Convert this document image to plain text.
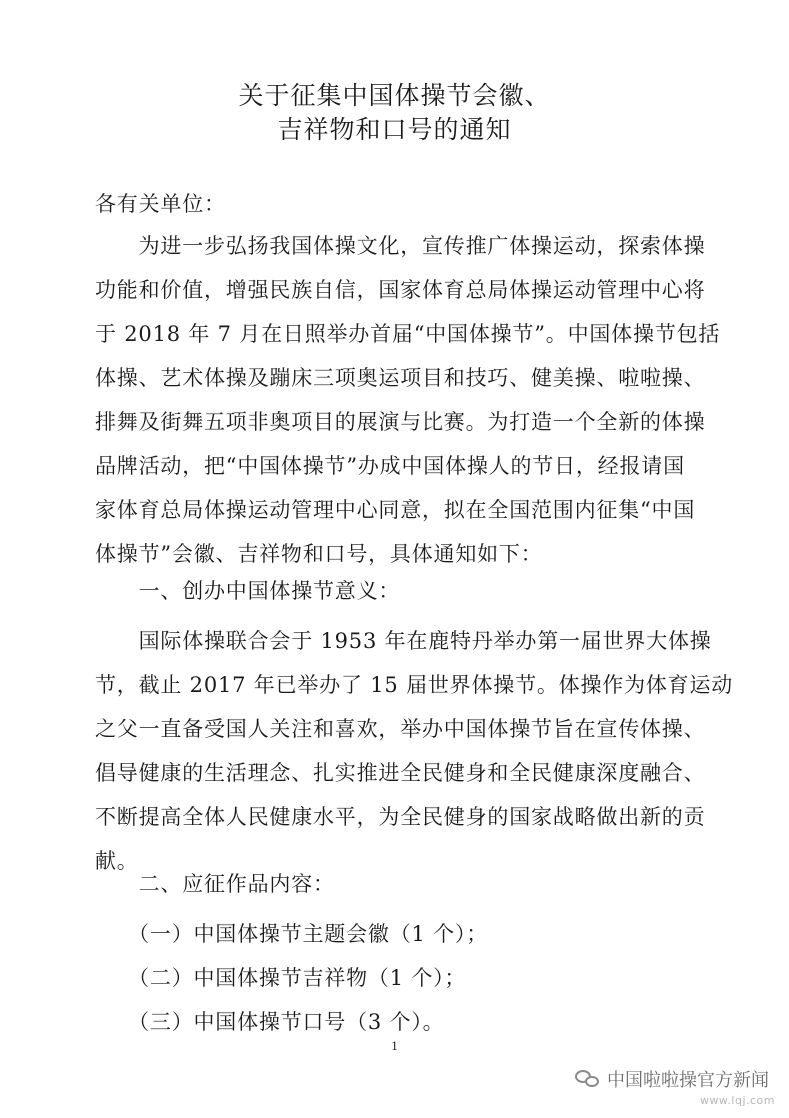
关于征集中国体操节会徽、
吉祥物和口号的通知
各有关单位：
　　为进一步弘扬我国体操文化，宣传推广体操运动，探索体操
功能和价值，增强民族自信，国家体育总局体操运动管理中心将
于 2018 年 7 月在日照举办首届“中国体操节”。中国体操节包括
体操、艺术体操及蹦床三项奥运项目和技巧、健美操、啦啦操、
排舞及街舞五项非奥项目的展演与比赛。为打造一个全新的体操
品牌活动，把“中国体操节”办成中国体操人的节日，经报请国
家体育总局体操运动管理中心同意，拟在全国范围内征集“中国
体操节”会徽、吉祥物和口号，具体通知如下：
　　一、创办中国体操节意义：
　　国际体操联合会于 1953 年在鹿特丹举办第一届世界大体操
节，截止 2017 年已举办了 15 届世界体操节。体操作为体育运动
之父一直备受国人关注和喜欢，举办中国体操节旨在宣传体操、
倡导健康的生活理念、扎实推进全民健身和全民健康深度融合、
不断提高全体人民健康水平，为全民健身的国家战略做出新的贡
献。
　　二、应征作品内容：
　　（一）中国体操节主题会徽（1 个）；
　　（二）中国体操节吉祥物（1 个）；
　　（三）中国体操节口号（3 个）。
1
中国啦啦操官方新闻
www.lqj.com
